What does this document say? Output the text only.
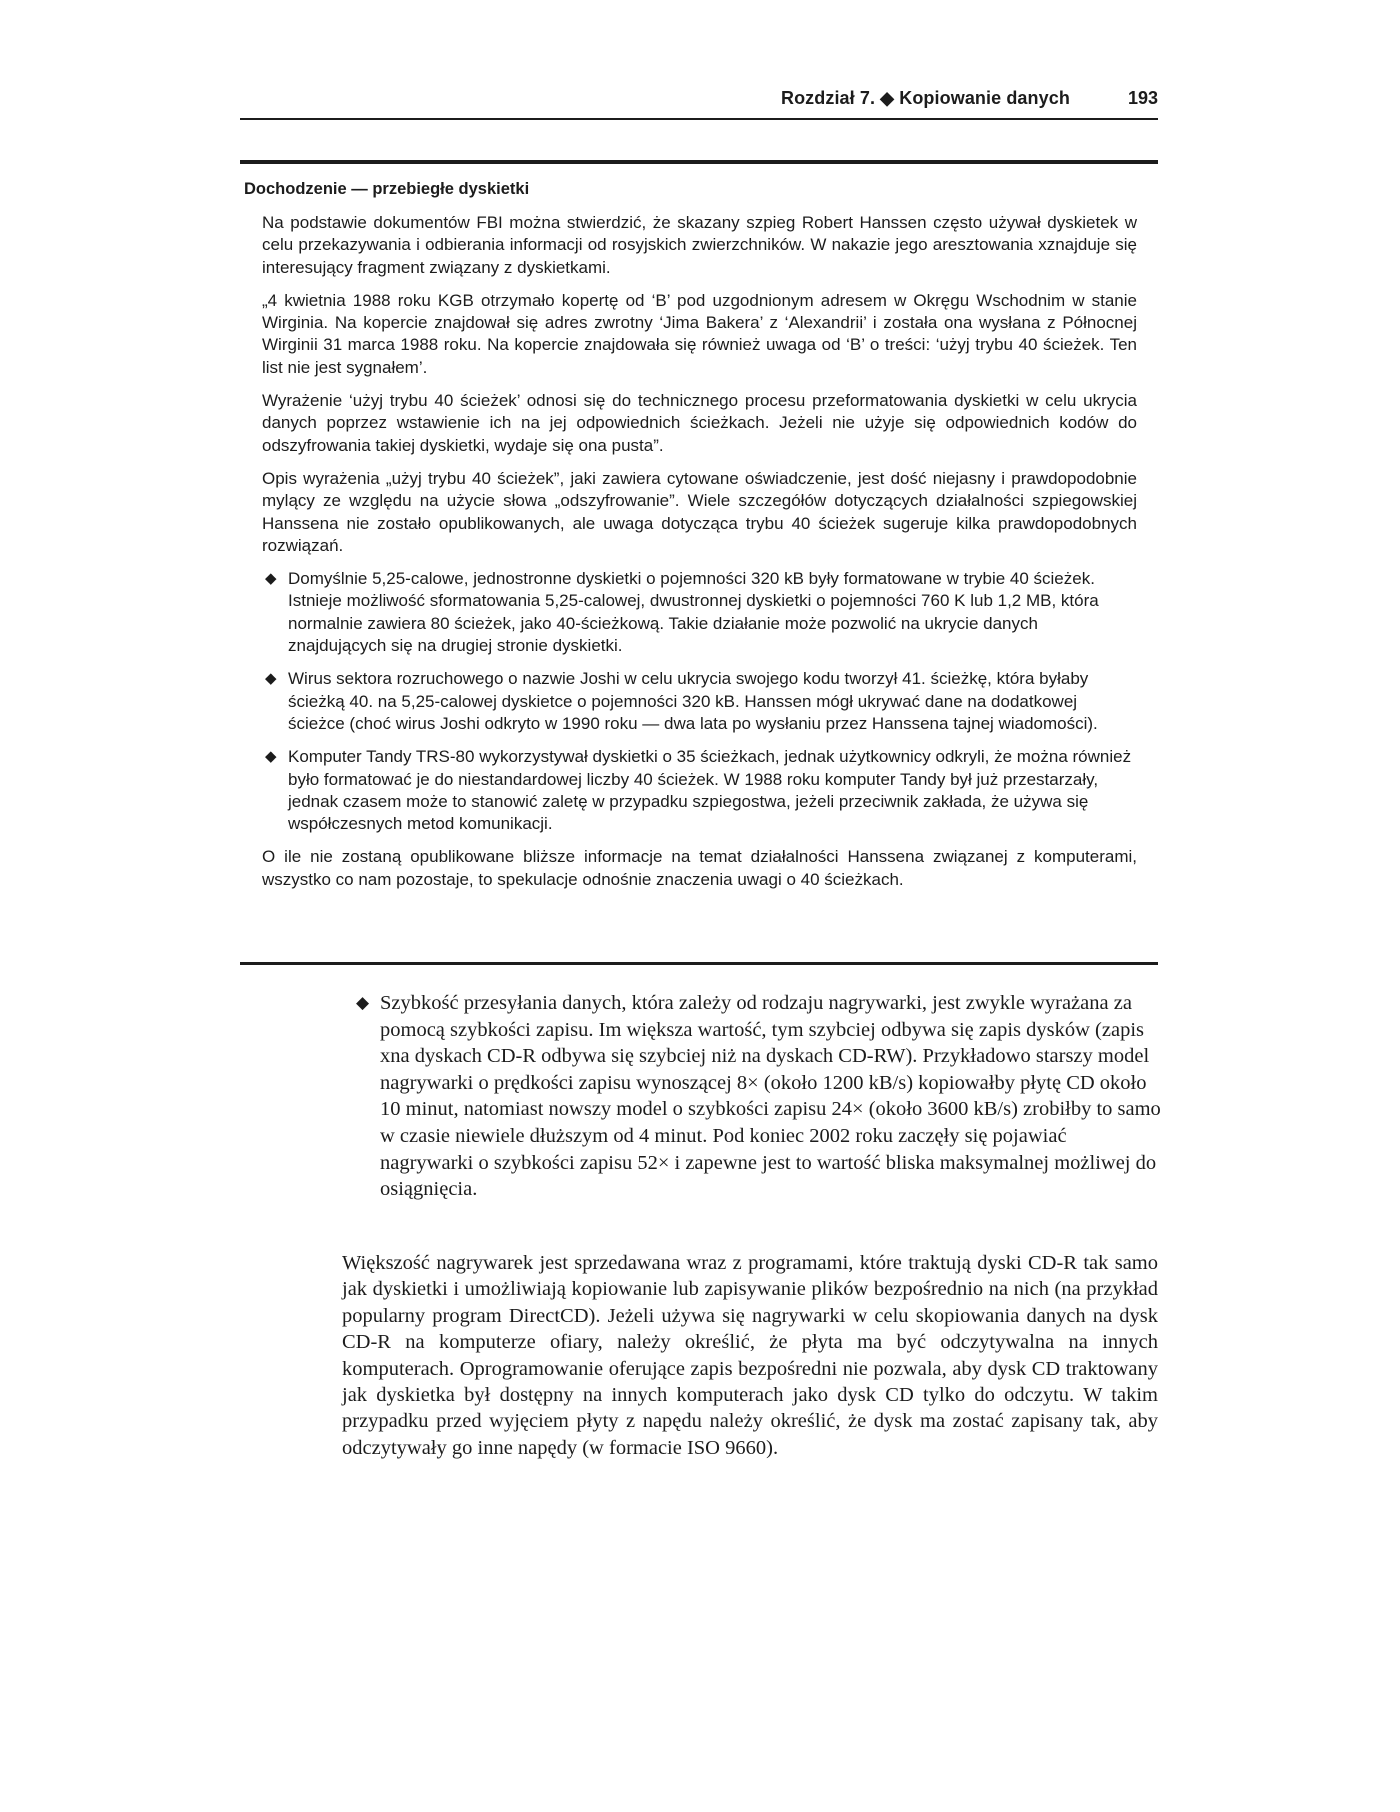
Rozdział 7. ◆ Kopiowanie danych	193
Dochodzenie — przebiegłe dyskietki

Na podstawie dokumentów FBI można stwierdzić, że skazany szpieg Robert Hanssen często używał dyskietek w celu przekazywania i odbierania informacji od rosyjskich zwierzchników. W nakazie jego aresztowania xznajduje się interesujący fragment związany z dyskietkami.

„4 kwietnia 1988 roku KGB otrzymało kopertę od ‘B’ pod uzgodnionym adresem w Okręgu Wschodnim w stanie Wirginia. Na kopercie znajdował się adres zwrotny ‘Jima Bakera’ z ‘Alexandrii’ i została ona wysłana z Północnej Wirginii 31 marca 1988 roku. Na kopercie znajdowała się również uwaga od ‘B’ o treści: ‘użyj trybu 40 ścieżek. Ten list nie jest sygnałem’.

Wyrażenie ‘użyj trybu 40 ścieżek’ odnosi się do technicznego procesu przeformatowania dyskietki w celu ukrycia danych poprzez wstawienie ich na jej odpowiednich ścieżkach. Jeżeli nie użyje się odpowiednich kodów do odszyfrowania takiej dyskietki, wydaje się ona pusta”.

Opis wyrażenia „użyj trybu 40 ścieżek”, jaki zawiera cytowane oświadczenie, jest dość niejasny i prawdopodobnie mylący ze względu na użycie słowa „odszyfrowanie”. Wiele szczegółów dotyczących działalności szpiegowskiej Hanssena nie zostało opublikowanych, ale uwaga dotycząca trybu 40 ścieżek sugeruje kilka prawdopodobnych rozwiązań.

◆ Domyślnie 5,25-calowe, jednostronne dyskietki o pojemności 320 kB były formatowane w trybie 40 ścieżek. Istnieje możliwość sformatowania 5,25-calowej, dwustronnej dyskietki o pojemności 760 K lub 1,2 MB, która normalnie zawiera 80 ścieżek, jako 40-ścieżkową. Takie działanie może pozwolić na ukrycie danych znajdujących się na drugiej stronie dyskietki.
◆ Wirus sektora rozruchowego o nazwie Joshi w celu ukrycia swojego kodu tworzył 41. ścieżkę, która byłaby ścieżką 40. na 5,25-calowej dyskietce o pojemności 320 kB. Hanssen mógł ukrywać dane na dodatkowej ścieżce (choć wirus Joshi odkryto w 1990 roku — dwa lata po wysłaniu przez Hanssena tajnej wiadomości).
◆ Komputer Tandy TRS-80 wykorzystywał dyskietki o 35 ścieżkach, jednak użytkownicy odkryli, że można również było formatować je do niestandardowej liczby 40 ścieżek. W 1988 roku komputer Tandy był już przestarzały, jednak czasem może to stanowić zaletę w przypadku szpiegostwa, jeżeli przeciwnik zakłada, że używa się współczesnych metod komunikacji.

O ile nie zostaną opublikowane bliższe informacje na temat działalności Hanssena związanej z komputerami, wszystko co nam pozostaje, to spekulacje odnośnie znaczenia uwagi o 40 ścieżkach.

◆ Szybkość przesyłania danych, która zależy od rodzaju nagrywarki, jest zwykle wyrażana za pomocą szybkości zapisu. Im większa wartość, tym szybciej odbywa się zapis dysków (zapis xna dyskach CD-R odbywa się szybciej niż na dyskach CD-RW). Przykładowo starszy model nagrywarki o prędkości zapisu wynoszącej 8× (około 1200 kB/s) kopiowałby płytę CD około 10 minut, natomiast nowszy model o szybkości zapisu 24× (około 3600 kB/s) zrobiłby to samo w czasie niewiele dłuższym od 4 minut. Pod koniec 2002 roku zaczęły się pojawiać nagrywarki o szybkości zapisu 52× i zapewne jest to wartość bliska maksymalnej możliwej do osiągnięcia.

Większość nagrywarek jest sprzedawana wraz z programami, które traktują dyski CD-R tak samo jak dyskietki i umożliwiają kopiowanie lub zapisywanie plików bezpośrednio na nich (na przykład popularny program DirectCD). Jeżeli używa się nagrywarki w celu skopiowania danych na dysk CD-R na komputerze ofiary, należy określić, że płyta ma być odczytywalna na innych komputerach. Oprogramowanie oferujące zapis bezpośredni nie pozwala, aby dysk CD traktowany jak dyskietka był dostępny na innych komputerach jako dysk CD tylko do odczytu. W takim przypadku przed wyjęciem płyty z napędu należy określić, że dysk ma zostać zapisany tak, aby odczytywały go inne napędy (w formacie ISO 9660).
